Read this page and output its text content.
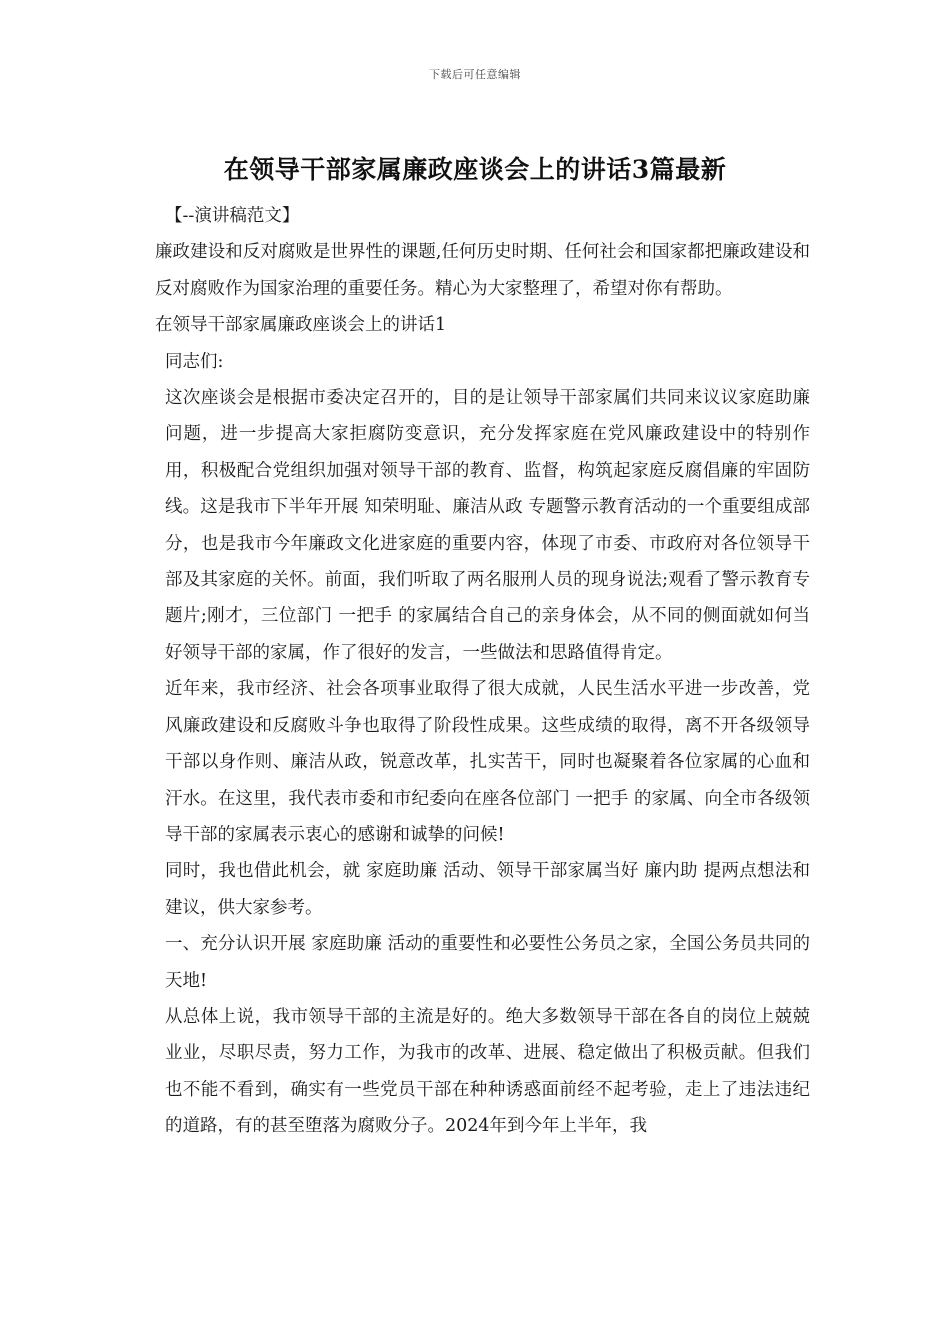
下载后可任意编辑
在领导干部家属廉政座谈会上的讲话3篇最新

【--演讲稿范文】

廉政建设和反对腐败是世界性的课题,任何历史时期、任何社会和国家都把廉政建设和反对腐败作为国家治理的重要任务。精心为大家整理了，希望对你有帮助。

在领导干部家属廉政座谈会上的讲话1

同志们:

这次座谈会是根据市委决定召开的，目的是让领导干部家属们共同来议议家庭助廉问题，进一步提高大家拒腐防变意识，充分发挥家庭在党风廉政建设中的特别作用，积极配合党组织加强对领导干部的教育、监督，构筑起家庭反腐倡廉的牢固防线。这是我市下半年开展 知荣明耻、廉洁从政 专题警示教育活动的一个重要组成部分，也是我市今年廉政文化进家庭的重要内容，体现了市委、市政府对各位领导干部及其家庭的关怀。前面，我们听取了两名服刑人员的现身说法;观看了警示教育专题片;刚才，三位部门 一把手 的家属结合自己的亲身体会，从不同的侧面就如何当好领导干部的家属，作了很好的发言，一些做法和思路值得肯定。

近年来，我市经济、社会各项事业取得了很大成就，人民生活水平进一步改善，党风廉政建设和反腐败斗争也取得了阶段性成果。这些成绩的取得，离不开各级领导干部以身作则、廉洁从政，锐意改革，扎实苦干，同时也凝聚着各位家属的心血和汗水。在这里，我代表市委和市纪委向在座各位部门 一把手 的家属、向全市各级领导干部的家属表示衷心的感谢和诚挚的问候!

同时，我也借此机会，就 家庭助廉 活动、领导干部家属当好 廉内助 提两点想法和建议，供大家参考。

一、充分认识开展 家庭助廉 活动的重要性和必要性公务员之家，全国公务员共同的天地!

从总体上说，我市领导干部的主流是好的。绝大多数领导干部在各自的岗位上兢兢业业，尽职尽责，努力工作，为我市的改革、进展、稳定做出了积极贡献。但我们也不能不看到，确实有一些党员干部在种种诱惑面前经不起考验，走上了违法违纪的道路，有的甚至堕落为腐败分子。2024年到今年上半年，我
